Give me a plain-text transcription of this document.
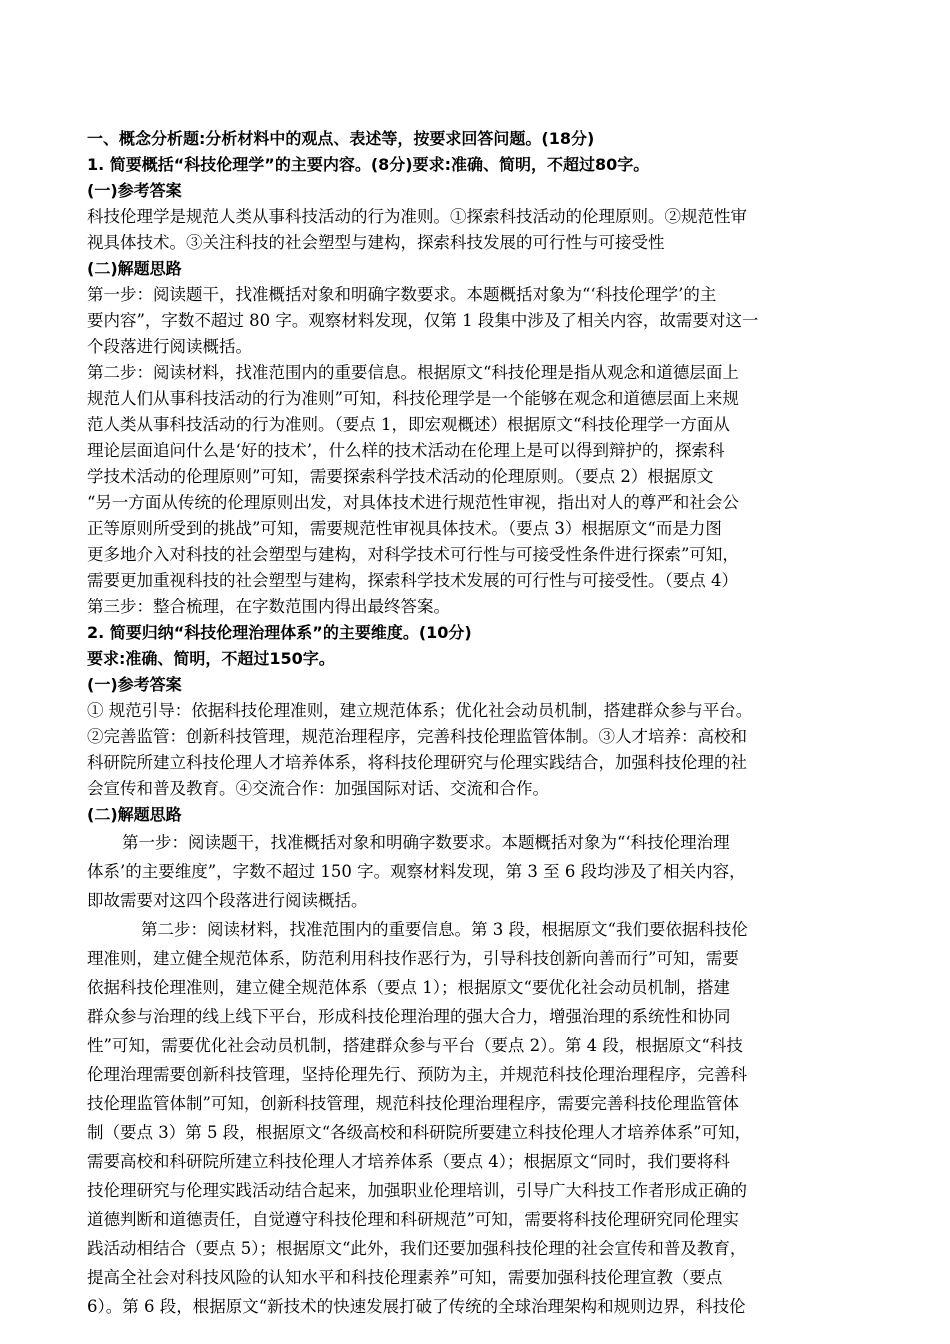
一、概念分析题:分析材料中的观点、表述等，按要求回答问题。(18分)
1. 简要概括“科技伦理学”的主要内容。(8分)要求:准确、简明，不超过80字。
(一)参考答案
科技伦理学是规范人类从事科技活动的行为准则。①探索科技活动的伦理原则。②规范性审
视具体技术。③关注科技的社会塑型与建构，探索科技发展的可行性与可接受性
(二)解题思路
第一步：阅读题干，找准概括对象和明确字数要求。本题概括对象为“‘科技伦理学’的主
要内容”，字数不超过 80 字。观察材料发现，仅第 1 段集中涉及了相关内容，故需要对这一
个段落进行阅读概括。
第二步：阅读材料，找准范围内的重要信息。根据原文“科技伦理是指从观念和道德层面上
规范人们从事科技活动的行为准则”可知，科技伦理学是一个能够在观念和道德层面上来规
范人类从事科技活动的行为准则。（要点 1，即宏观概述）根据原文“科技伦理学一方面从
理论层面追问什么是‘好的技术’，什么样的技术活动在伦理上是可以得到辩护的，探索科
学技术活动的伦理原则”可知，需要探索科学技术活动的伦理原则。（要点 2）根据原文
“另一方面从传统的伦理原则出发，对具体技术进行规范性审视，指出对人的尊严和社会公
正等原则所受到的挑战”可知，需要规范性审视具体技术。（要点 3）根据原文“而是力图
更多地介入对科技的社会塑型与建构，对科学技术可行性与可接受性条件进行探索”可知，
需要更加重视科技的社会塑型与建构，探索科学技术发展的可行性与可接受性。（要点 4）
第三步：整合梳理，在字数范围内得出最终答案。
2. 简要归纳“科技伦理治理体系”的主要维度。(10分)
要求:准确、简明，不超过150字。
(一)参考答案
① 规范引导：依据科技伦理准则，建立规范体系；优化社会动员机制，搭建群众参与平台。
②完善监管：创新科技管理，规范治理程序，完善科技伦理监管体制。③人才培养：高校和
科研院所建立科技伦理人才培养体系，将科技伦理研究与伦理实践结合，加强科技伦理的社
会宣传和普及教育。④交流合作：加强国际对话、交流和合作。
(二)解题思路
第一步：阅读题干，找准概括对象和明确字数要求。本题概括对象为“‘科技伦理治理
体系’的主要维度”，字数不超过 150 字。观察材料发现，第 3 至 6 段均涉及了相关内容，
即故需要对这四个段落进行阅读概括。
第二步：阅读材料，找准范围内的重要信息。第 3 段，根据原文“我们要依据科技伦
理准则，建立健全规范体系，防范利用科技作恶行为，引导科技创新向善而行”可知，需要
依据科技伦理准则，建立健全规范体系（要点 1）；根据原文“要优化社会动员机制，搭建
群众参与治理的线上线下平台，形成科技伦理治理的强大合力，增强治理的系统性和协同
性”可知，需要优化社会动员机制，搭建群众参与平台（要点 2）。第 4 段，根据原文“科技
伦理治理需要创新科技管理，坚持伦理先行、预防为主，并规范科技伦理治理程序，完善科
技伦理监管体制”可知，创新科技管理，规范科技伦理治理程序，需要完善科技伦理监管体
制（要点 3）第 5 段，根据原文“各级高校和科研院所要建立科技伦理人才培养体系”可知，
需要高校和科研院所建立科技伦理人才培养体系（要点 4）；根据原文“同时，我们要将科
技伦理研究与伦理实践活动结合起来，加强职业伦理培训，引导广大科技工作者形成正确的
道德判断和道德责任，自觉遵守科技伦理和科研规范”可知，需要将科技伦理研究同伦理实
践活动相结合（要点 5）；根据原文“此外，我们还要加强科技伦理的社会宣传和普及教育，
提高全社会对科技风险的认知水平和科技伦理素养”可知，需要加强科技伦理宣教（要点
6）。第 6 段，根据原文“新技术的快速发展打破了传统的全球治理架构和规则边界，科技伦
